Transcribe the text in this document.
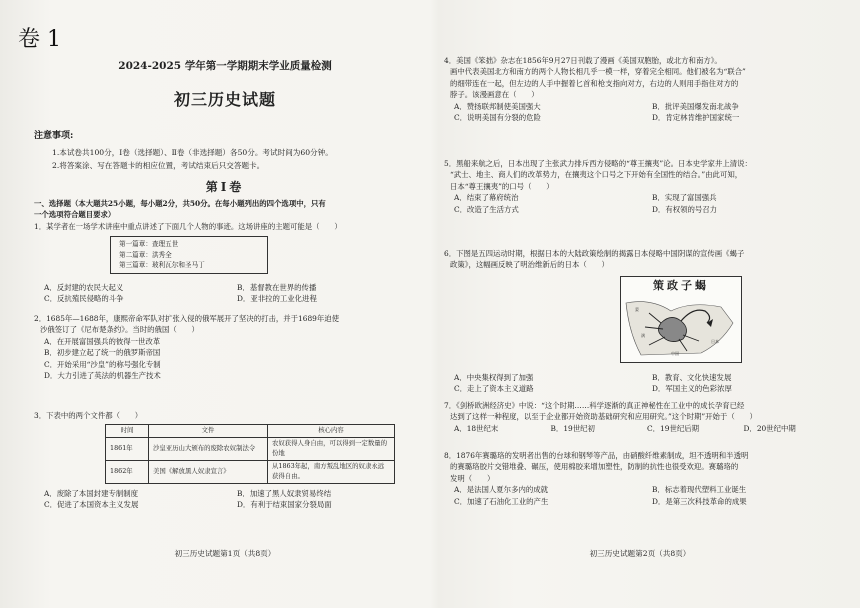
卷 1
2024-2025 学年第一学期期末学业质量检测
初三历史试题
注意事项:
1.本试卷共100分，Ⅰ卷（选择题）、Ⅱ卷（非选择题）各50分。考试时间为60分钟。
2.将答案涂、写在答题卡的相应位置，考试结束后只交答题卡。
第Ⅰ卷
一、选择题（本大题共25小题，每小题2分，共50分。在每小题列出的四个选项中，只有
一个选项符合题目要求）
1．某学者在一场学术讲座中重点讲述了下面几个人物的事迹。这场讲座的主题可能是（　　）
第一篇章：查理五世
第二篇章：洪秀全
第三篇章：玻利瓦尔和圣马丁
A．反封建的农民大起义	B．基督教在世界的传播
C．反抗殖民侵略的斗争	D．亚非拉的工业化进程
2．1685年—1688年，康熙帝命军队对扩张入侵的俄军展开了坚决的打击，并于1689年迫使
沙俄签订了《尼布楚条约》。当时的俄国（　　）
A．在开展富国强兵的彼得一世改革
B．初步建立起了统一的俄罗斯帝国
C．开始采用“沙皇”的称号强化专制
D．大力引进了英法的机器生产技术
3．下表中的两个文件都（　　）
时间	文件	核心内容
1861年	沙皇亚历山大颁布的废除农奴制法令	农奴获得人身自由，可以得到一定数量的份地
1862年	美国《解放黑人奴隶宣言》	从1863年起，南方叛乱地区的奴隶永远获得自由。
A．废除了本国封建专制制度	B．加速了黑人奴隶贸易终结
C．促进了本国资本主义发展	D．有利于结束国家分裂局面
初三历史试题第1页（共8页）
4．美国《笨拙》杂志在1856年9月27日刊载了漫画《美国双胞胎，或北方和南方》。
画中代表美国北方和南方的两个人物长相几乎一模一样，穿着完全相同。他们被名为“联合”
的细带连在一起，但左边的人手中握着匕首和枪支指向对方，右边的人则用手指住对方的
脖子。该漫画意在（　　）
A．赞扬联邦制使美国强大	B．批评美国爆发南北战争
C．说明美国有分裂的危险	D．肯定林肯维护国家统一
5．黑船来航之后，日本出现了主张武力排斥西方侵略的“尊王攘夷”论。日本史学家井上清说：
“武士、地主、商人们的改革势力，在攘夷这个口号之下开始有全国性的结合。”由此可知，
日本“尊王攘夷”的口号（　　）
A．结束了幕府统治	B．实现了富国强兵
C．改造了生活方式	D．有权领的号召力
6．下图是五四运动时期，根据日本的大陆政策绘制的揭露日本侵略中国阴谋的宣传画《蝎子
政策》，这幅画反映了明治维新后的日本（　　）
策政子蝎
蒙
满
日本
中国
A．中央集权得到了加强	B．教育、文化快速发展
C．走上了资本主义道路	D．军国主义的色彩浓厚
7．《剑桥欧洲经济史》中说：“这个时期……科学逐渐的真正神秘性在工业中的成长孕育已经
达到了这样一种程度，以至于企业都开始资助基础研究和应用研究。”这个时期”开始于（　　）
A．18世纪末	B．19世纪初	C．19世纪后期	D．20世纪中期
8．1876年赛璐珞的发明者出售的台球和钢琴等产品，由硝酸纤维素制成，坦不透明和半透明
的赛璐珞胶片交错堆叠、碾压，使用棉胶来增加塑性，防制的抗性也很受欢迎。赛璐珞的
发明（　　）
A．是法国人夏尔多内的成就	B．标志着现代塑料工业诞生
C．加速了石油化工业的产生	D．是第三次科技革命的成果
初三历史试题第2页（共8页）
